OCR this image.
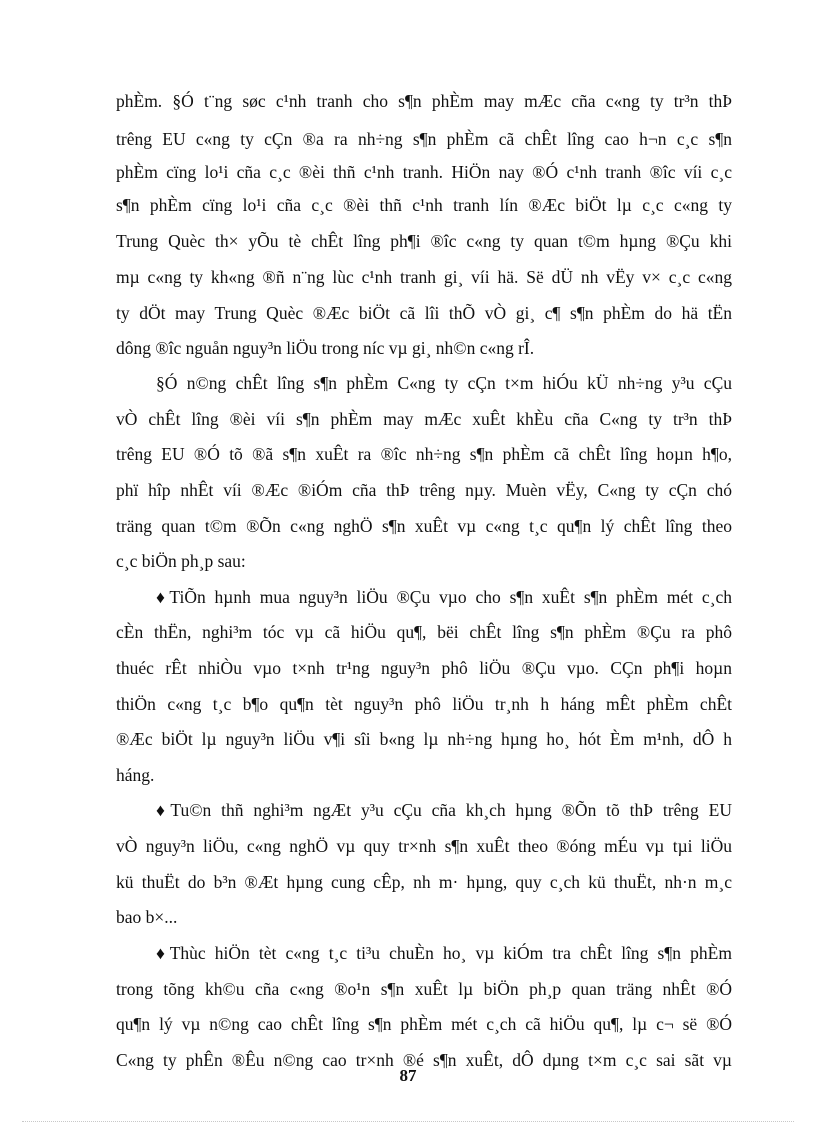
phÈm. §Ó t¨ng søc c¹nh tranh cho s¶n phÈm may mÆc cña c«ng ty tr³n thÞ
trêng EU c«ng ty cÇn ®a ra nh÷ng s¶n phÈm cã chÊt lîng cao h¬n c¸c s¶n
phÈm cïng lo¹i cña c¸c ®èi thñ c¹nh tranh. HiÖn nay ®Ó c¹nh tranh ®îc víi c¸c
s¶n phÈm cïng lo¹i cña c¸c ®èi thñ c¹nh tranh lín ®Æc biÖt lµ c¸c c«ng ty
Trung Quèc th× yÕu tè chÊt lîng ph¶i ®îc c«ng ty quan t©m hµng ®Çu khi
mµ c«ng ty kh«ng ®ñ n¨ng lùc c¹nh tranh gi¸ víi hä. Së dÜ nh vËy v× c¸c c«ng
ty dÖt may Trung Quèc ®Æc biÖt cã lîi thÕ vÒ gi¸ c¶ s¶n phÈm do hä tËn
dông ®îc nguån nguy³n liÖu trong níc vµ gi¸ nh©n c«ng rÎ.
§Ó n©ng chÊt lîng s¶n phÈm C«ng ty cÇn t×m hiÓu kÜ nh÷ng y³u cÇu
vÒ chÊt lîng ®èi víi s¶n phÈm may mÆc xuÊt khÈu cña C«ng ty tr³n thÞ
trêng EU ®Ó tõ ®ã s¶n xuÊt ra ®îc nh÷ng s¶n phÈm cã chÊt lîng hoµn h¶o,
phï hîp nhÊt víi ®Æc ®iÓm cña thÞ trêng nµy. Muèn vËy, C«ng ty cÇn chó
träng quan t©m ®Õn c«ng nghÖ s¶n xuÊt vµ c«ng t¸c qu¶n lý chÊt lîng theo
c¸c biÖn ph¸p sau:
♦TiÕn hµnh mua nguy³n liÖu ®Çu vµo cho s¶n xuÊt s¶n phÈm mét c¸ch
cÈn thËn, nghi³m tóc vµ cã hiÖu qu¶, bëi chÊt lîng s¶n phÈm ®Çu ra phô
thuéc rÊt nhiÒu vµo t×nh tr¹ng nguy³n phô liÖu ®Çu vµo. CÇn ph¶i hoµn
thiÖn c«ng t¸c b¶o qu¶n tèt nguy³n phô liÖu tr¸nh h háng mÊt phÈm chÊt
®Æc biÖt lµ nguy³n liÖu v¶i sîi b«ng lµ nh÷ng hµng ho¸ hót Èm m¹nh, dÔ h
háng.
♦Tu©n thñ nghi³m ngÆt y³u cÇu cña kh¸ch hµng ®Õn tõ thÞ trêng EU
vÒ nguy³n liÖu, c«ng nghÖ vµ quy tr×nh s¶n xuÊt theo ®óng mÉu vµ tµi liÖu
kü thuËt do b³n ®Æt hµng cung cÊp, nh m· hµng, quy c¸ch kü thuËt, nh·n m¸c
bao b×...
♦Thùc hiÖn tèt c«ng t¸c ti³u chuÈn ho¸ vµ kiÓm tra chÊt lîng s¶n phÈm
trong tõng kh©u cña c«ng ®o¹n s¶n xuÊt lµ biÖn ph¸p quan träng nhÊt ®Ó
qu¶n lý vµ n©ng cao chÊt lîng s¶n phÈm mét c¸ch cã hiÖu qu¶, lµ c¬ së ®Ó
C«ng ty phÊn ®Êu n©ng cao tr×nh ®é s¶n xuÊt, dÔ dµng t×m c¸c sai sãt vµ
87
